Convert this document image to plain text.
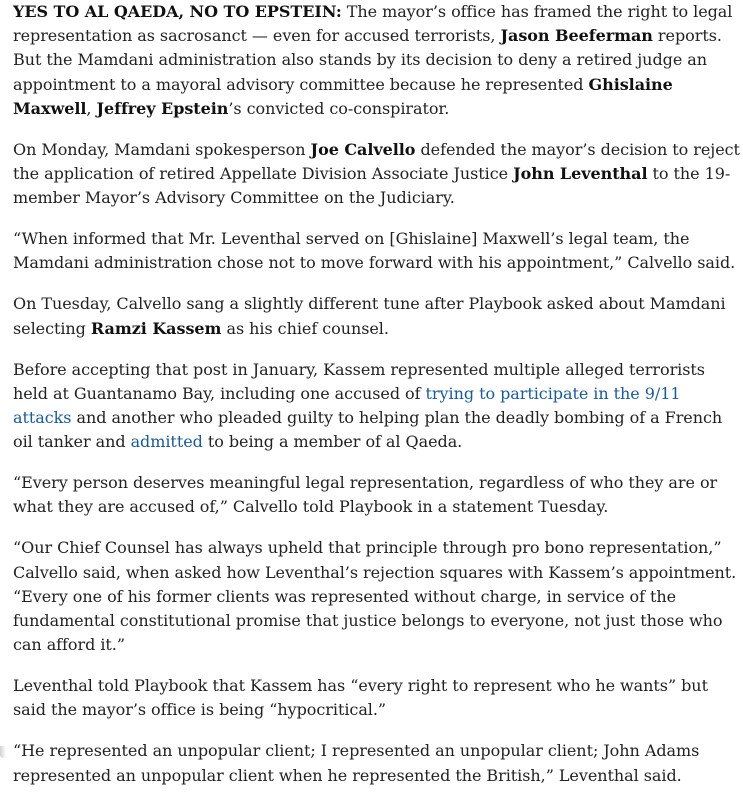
YES TO AL QAEDA, NO TO EPSTEIN: The mayor’s office has framed the right to legal representation as sacrosanct — even for accused terrorists, Jason Beeferman reports. But the Mamdani administration also stands by its decision to deny a retired judge an appointment to a mayoral advisory committee because he represented Ghislaine Maxwell, Jeffrey Epstein’s convicted co-conspirator.

On Monday, Mamdani spokesperson Joe Calvello defended the mayor’s decision to reject the application of retired Appellate Division Associate Justice John Leventhal to the 19-member Mayor’s Advisory Committee on the Judiciary.

“When informed that Mr. Leventhal served on [Ghislaine] Maxwell’s legal team, the Mamdani administration chose not to move forward with his appointment,” Calvello said.

On Tuesday, Calvello sang a slightly different tune after Playbook asked about Mamdani selecting Ramzi Kassem as his chief counsel.

Before accepting that post in January, Kassem represented multiple alleged terrorists held at Guantanamo Bay, including one accused of trying to participate in the 9/11 attacks and another who pleaded guilty to helping plan the deadly bombing of a French oil tanker and admitted to being a member of al Qaeda.

“Every person deserves meaningful legal representation, regardless of who they are or what they are accused of,” Calvello told Playbook in a statement Tuesday.

“Our Chief Counsel has always upheld that principle through pro bono representation,” Calvello said, when asked how Leventhal’s rejection squares with Kassem’s appointment. “Every one of his former clients was represented without charge, in service of the fundamental constitutional promise that justice belongs to everyone, not just those who can afford it.”

Leventhal told Playbook that Kassem has “every right to represent who he wants” but said the mayor’s office is being “hypocritical.”

“He represented an unpopular client; I represented an unpopular client; John Adams represented an unpopular client when he represented the British,” Leventhal said.
